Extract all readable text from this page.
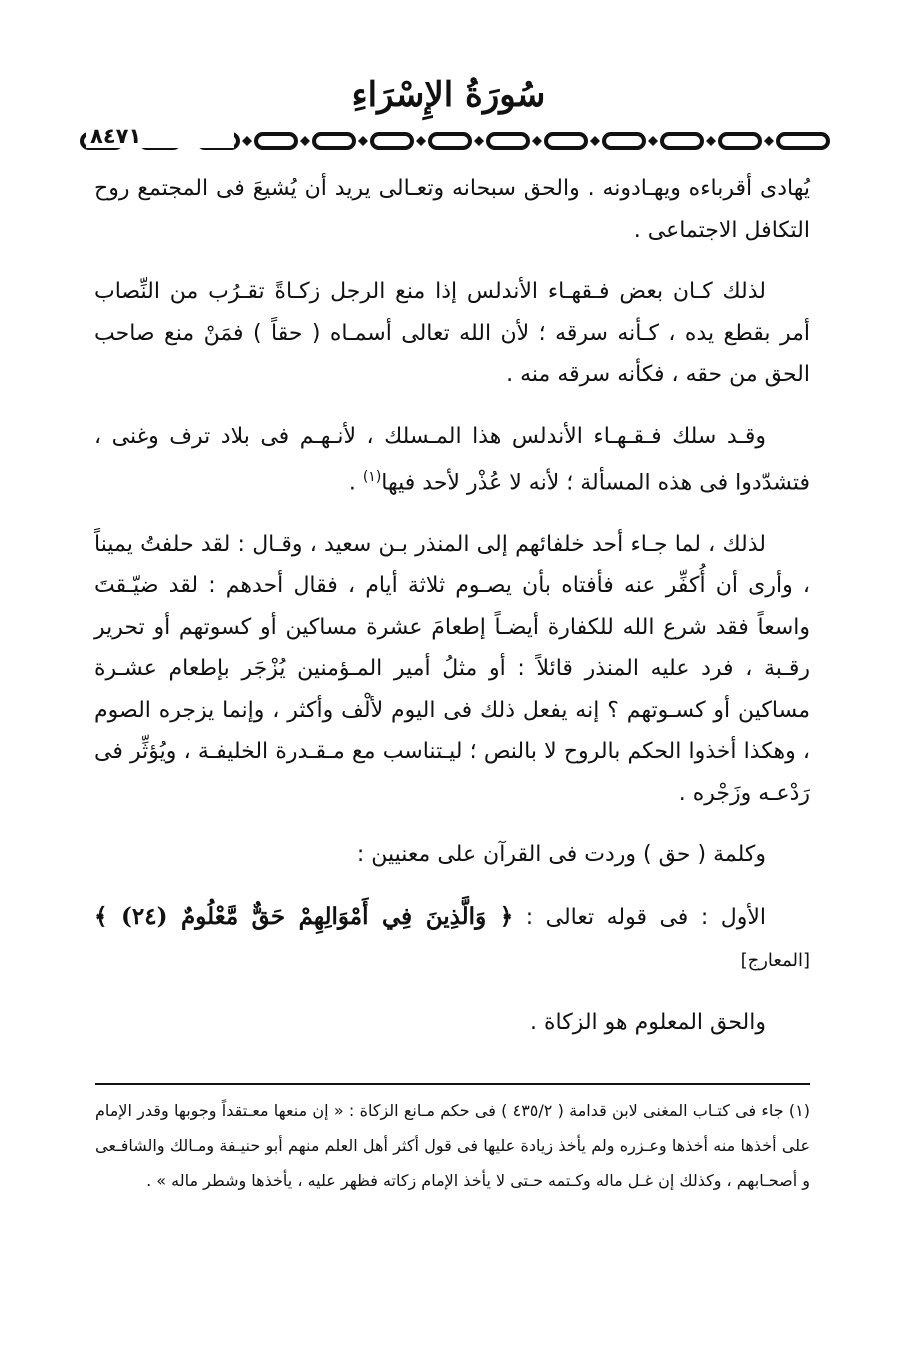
سُورَةُ الإِسْرَاءِ
٨٤٧١

يُهادى أقرباءه ويهـادونه . والحق سبحانه وتعـالى يريد أن يُشيعَ فى المجتمع روح التكافل الاجتماعى .

لذلك كـان بعض فـقهـاء الأندلس إذا منع الرجل زكـاةً تقـرُب من النِّصاب أمر بقطع يده ، كـأنه سرقه ؛ لأن الله تعالى أسمـاه ( حقاً ) فمَنْ منع صاحب الحق من حقه ، فكأنه سرقه منه .

وقـد سلك فـقـهـاء الأندلس هذا المـسلك ، لأنـهـم فى بلاد ترف وغنى ، فتشدّدوا فى هذه المسألة ؛ لأنه لا عُذْر لأحد فيها$^{(١)}$ .

لذلك ، لما جـاء أحد خلفائهم إلى المنذر بـن سعيد ، وقـال : لقد حلفتُ يميناً ، وأرى أن أُكفِّر عنه فأفتاه بأن يصـوم ثلاثة أيام ، فقال أحدهم : لقد ضيّـقتَ واسعاً فقد شرع الله للكفارة أيضـاً إطعامَ عشرة مساكين أو كسوتهم أو تحرير رقـبة ، فرد عليه المنذر قائلاً : أو مثلُ أمير المـؤمنين يُزْجَر بإطعام عشـرة مساكين أو كسـوتهم ؟ إنه يفعل ذلك فى اليوم لألْف وأكثر ، وإنما يزجره الصوم ، وهكذا أخذوا الحكم بالروح لا بالنص ؛ ليـتناسب مع مـقـدرة الخليفـة ، ويُؤثِّر فى رَدْعـه وزَجْره .

وكلمة ( حق ) وردت فى القرآن على معنيين :

الأول : فى قوله تعالى : ﴿ وَالَّذِينَ فِي أَمْوَالِهِمْ حَقٌّ مَّعْلُومٌ (٢٤) ﴾ [المعارج]

والحق المعلوم هو الزكاة .

(١) جاء فى كتـاب المغنى لابن قدامة ( ٤٣٥/٢ ) فى حكم مـانع الزكاة : « إن منعها معـتقداً وجوبها وقدر الإمام على أخذها منه أخذها وعـزره ولم يأخذ زيادة عليها فى قول أكثر أهل العلم منهم أبو حنيـفة ومـالك والشافـعى و أصحـابهم ، وكذلك إن غـل ماله وكـتمه حـتى لا يأخذ الإمام زكاته فظهر عليه ، يأخذها وشطر ماله » .
